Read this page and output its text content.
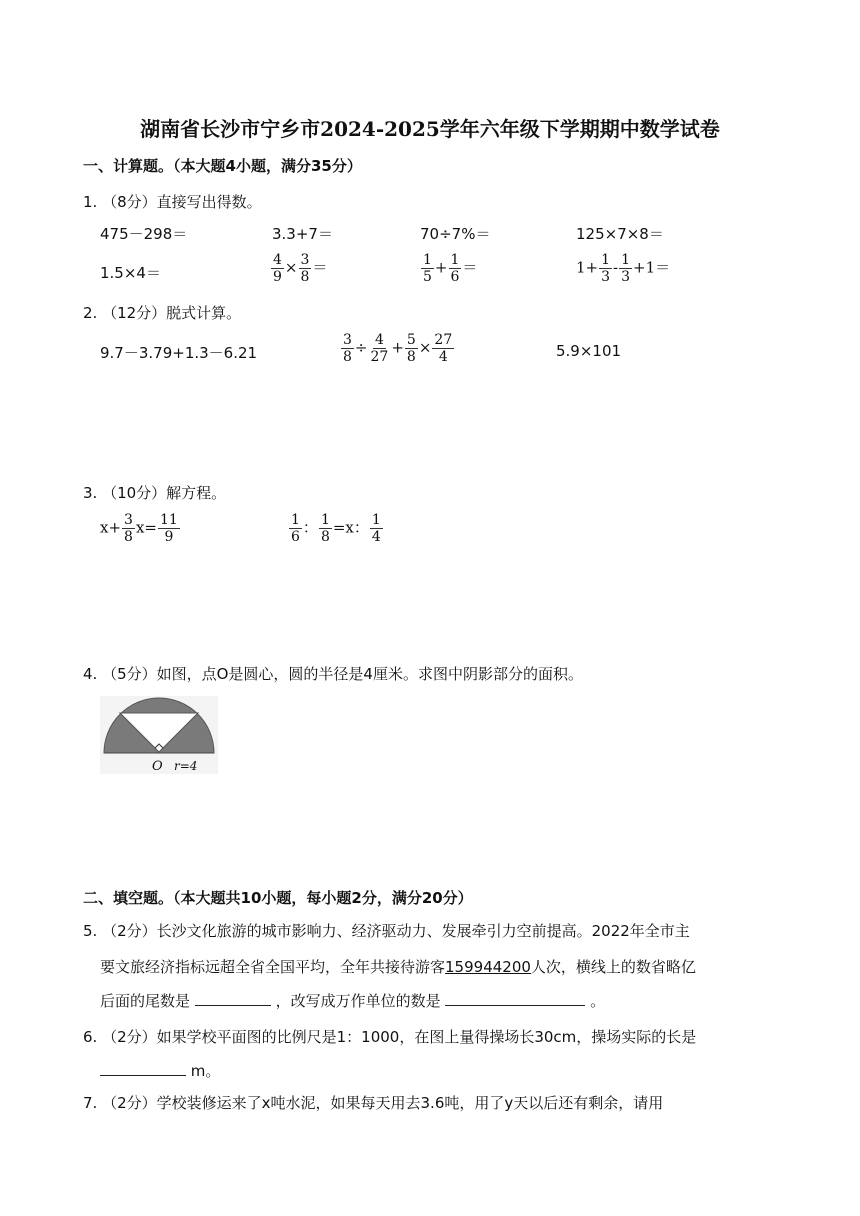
湖南省长沙市宁乡市2024-2025学年六年级下学期期中数学试卷
一、计算题。（本大题4小题，满分35分）
1. （8分）直接写出得数。
475－298＝	3.3+7＝	70÷7%＝	125×7×8＝
1.5×4＝	$\frac{4}{9} \times \frac{3}{8}$ ＝	$\frac{1}{5} + \frac{1}{6}$ ＝	$1+ \frac{1}{3} - \frac{1}{3} +1=$
2. （12分）脱式计算。
9.7－3.79+1.3－6.21	$\frac{3}{8} \div \frac{4}{27} + \frac{5}{8} \times \frac{27}{4}$	5.9×101
3. （10分）解方程。
$x+ \frac{3}{8} x= \frac{11}{9}$	$\frac{1}{6}$ ： $\frac{1}{8} =x$： $\frac{1}{4}$
4. （5分）如图，点O是圆心，圆的半径是4厘米。求图中阴影部分的面积。
O r=4
二、填空题。（本大题共10小题，每小题2分，满分20分）
5. （2分）长沙文化旅游的城市影响力、经济驱动力、发展牵引力空前提高。2022年全市主
要文旅经济指标远超全省全国平均，全年共接待游客159944200人次，横线上的数省略亿
后面的尾数是	，改写成万作单位的数是	。
6. （2分）如果学校平面图的比例尺是1：1000，在图上量得操场长30cm，操场实际的长是
m。
7. （2分）学校装修运来了x吨水泥，如果每天用去3.6吨，用了y天以后还有剩余，请用
